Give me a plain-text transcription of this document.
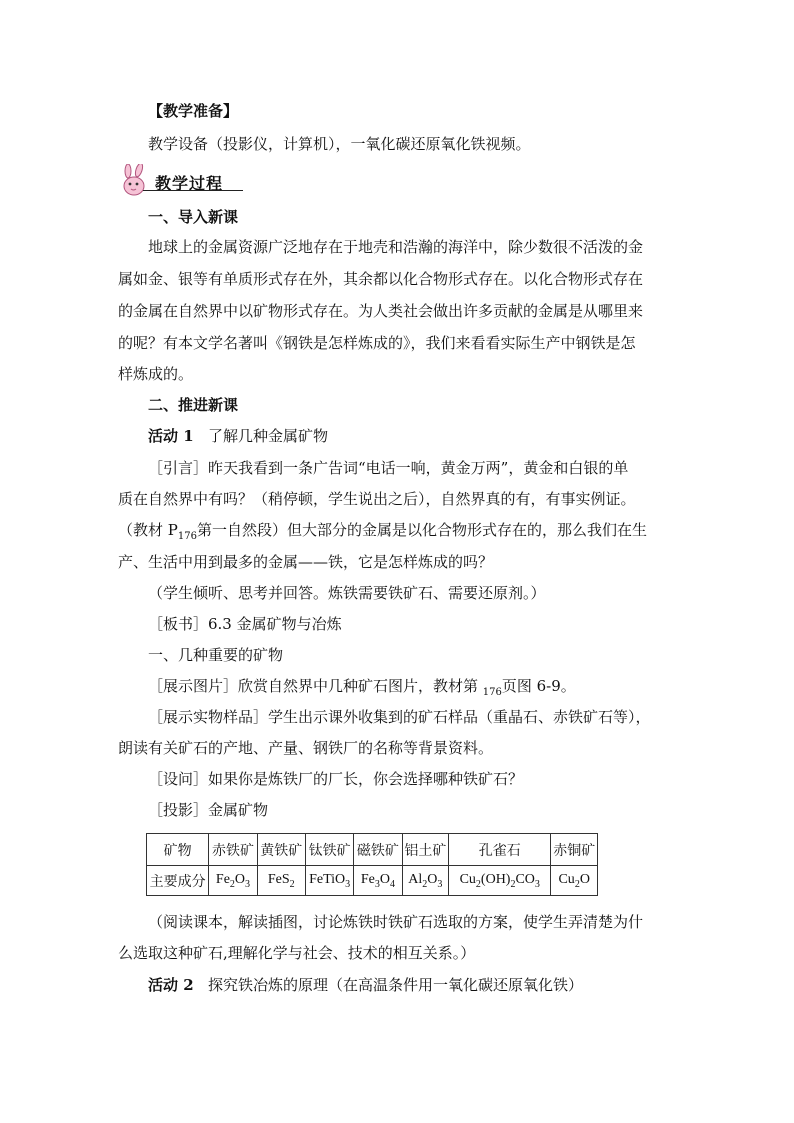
【教学准备】
教学设备（投影仪，计算机），一氧化碳还原氧化铁视频。
教学过程
一、导入新课
地球上的金属资源广泛地存在于地壳和浩瀚的海洋中，除少数很不活泼的金
属如金、银等有单质形式存在外，其余都以化合物形式存在。以化合物形式存在
的金属在自然界中以矿物形式存在。为人类社会做出许多贡献的金属是从哪里来
的呢？有本文学名著叫《钢铁是怎样炼成的》，我们来看看实际生产中钢铁是怎
样炼成的。
二、推进新课
活动 1 了解几种金属矿物
［引言］昨天我看到一条广告词“电话一响，黄金万两”，黄金和白银的单
质在自然界中有吗？（稍停顿，学生说出之后），自然界真的有，有事实例证。
（教材 $P_{176}$第一自然段）但大部分的金属是以化合物形式存在的，那么我们在生
产、生活中用到最多的金属——铁，它是怎样炼成的吗？
（学生倾听、思考并回答。炼铁需要铁矿石、需要还原剂。）
［板书］6.3 金属矿物与冶炼
一、几种重要的矿物
［展示图片］欣赏自然界中几种矿石图片，教材第 $_{176}$页图 6-9。
［展示实物样品］学生出示课外收集到的矿石样品（重晶石、赤铁矿石等），
朗读有关矿石的产地、产量、钢铁厂的名称等背景资料。
［设问］如果你是炼铁厂的厂长，你会选择哪种铁矿石？
［投影］金属矿物
矿物	赤铁矿	黄铁矿	钛铁矿	磁铁矿	铝土矿	孔雀石	赤铜矿
主要成分	$Fe_2O_3$	FeS$_2$	FeTiO$_3$	$Fe_3O_4$	$Al_2O_3$	$Cu_2(OH)_2CO_3$	$Cu_2O$
（阅读课本，解读插图，讨论炼铁时铁矿石选取的方案，使学生弄清楚为什
么选取这种矿石,理解化学与社会、技术的相互关系。）
活动 2 探究铁冶炼的原理（在高温条件用一氧化碳还原氧化铁）
